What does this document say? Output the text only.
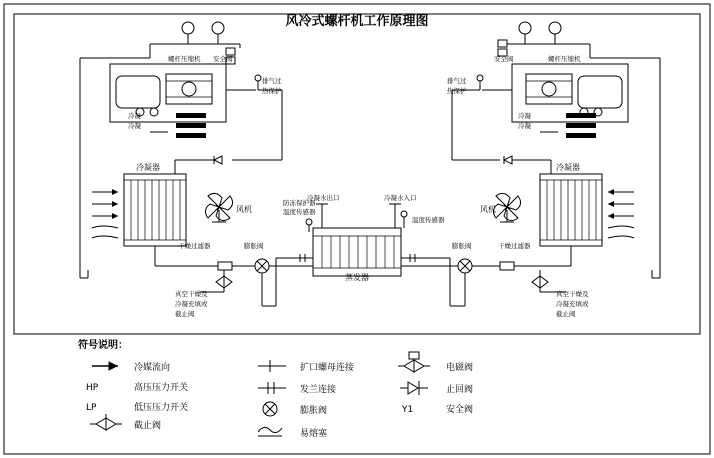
风冷式螺杆机工作原理图
螺杆压缩机 安全阀
冷凝
冷凝
排气过
热保护
冷凝器
风机
干燥过滤器	膨胀阀
真空干燥及
冷凝充填或
截止阀
蒸发器
冷凝水出口	冷凝水入口
防冻保护器
温度传感器
温度传感器
安全阀	螺杆压缩机
冷凝
冷凝
排气过
热保护
冷凝器
风机
干燥过滤器
膨胀阀
真空干燥及
冷凝充填或
截止阀
符号说明：
冷媒流向
HP	高压压力开关
LP	低压压力开关
截止阀
扩口螺母连接
发兰连接
膨胀阀
易熔塞
电磁阀
止回阀
Y1	安全阀
